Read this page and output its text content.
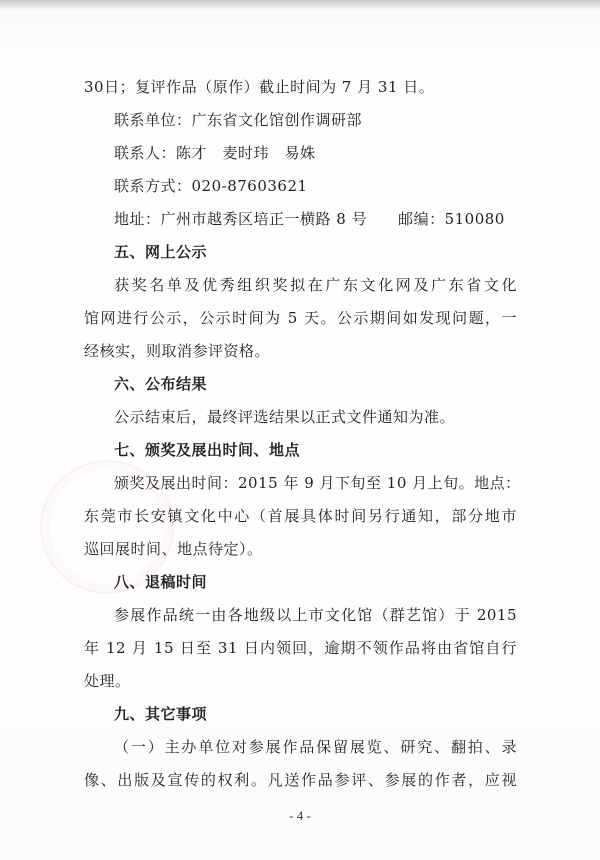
30日；复评作品（原作）截止时间为 7 月 31 日。
联系单位：广东省文化馆创作调研部
联系人：陈才　麦时玮　易姝
联系方式：020-87603621
地址：广州市越秀区培正一横路 8 号　　邮编：510080
五、网上公示
获奖名单及优秀组织奖拟在广东文化网及广东省文化
馆网进行公示，公示时间为 5 天。公示期间如发现问题，一
经核实，则取消参评资格。
六、公布结果
公示结束后，最终评选结果以正式文件通知为准。
七、颁奖及展出时间、地点
颁奖及展出时间：2015 年 9 月下旬至 10 月上旬。地点：
东莞市长安镇文化中心（首展具体时间另行通知，部分地市
巡回展时间、地点待定）。
八、退稿时间
参展作品统一由各地级以上市文化馆（群艺馆）于 2015
年 12 月 15 日至 31 日内领回，逾期不领作品将由省馆自行
处理。
九、其它事项
（一）主办单位对参展作品保留展览、研究、翻拍、录
像、出版及宣传的权利。凡送作品参评、参展的作者，应视
- 4 -
